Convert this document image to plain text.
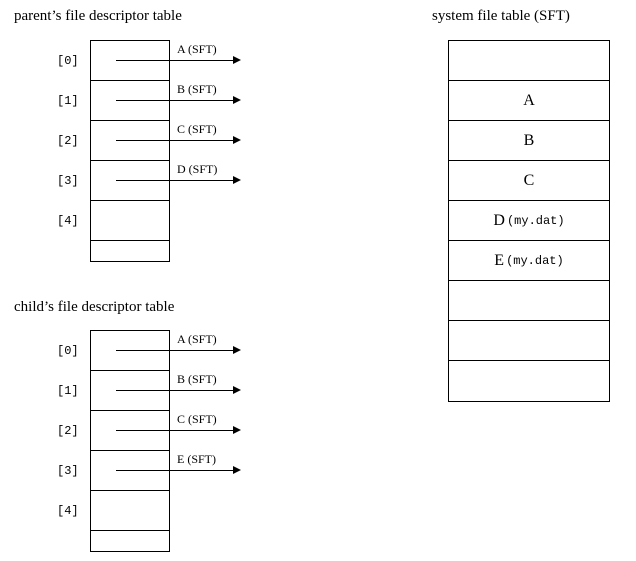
parent’s file descriptor table
[0]
[1]
[2]
[3]
[4]
A (SFT)
B (SFT)
C (SFT)
D (SFT)
child’s file descriptor table
[0]
[1]
[2]
[3]
[4]
A (SFT)
B (SFT)
C (SFT)
E (SFT)
system file table (SFT)
A
B
C
D ( my.dat )
E ( my.dat )
